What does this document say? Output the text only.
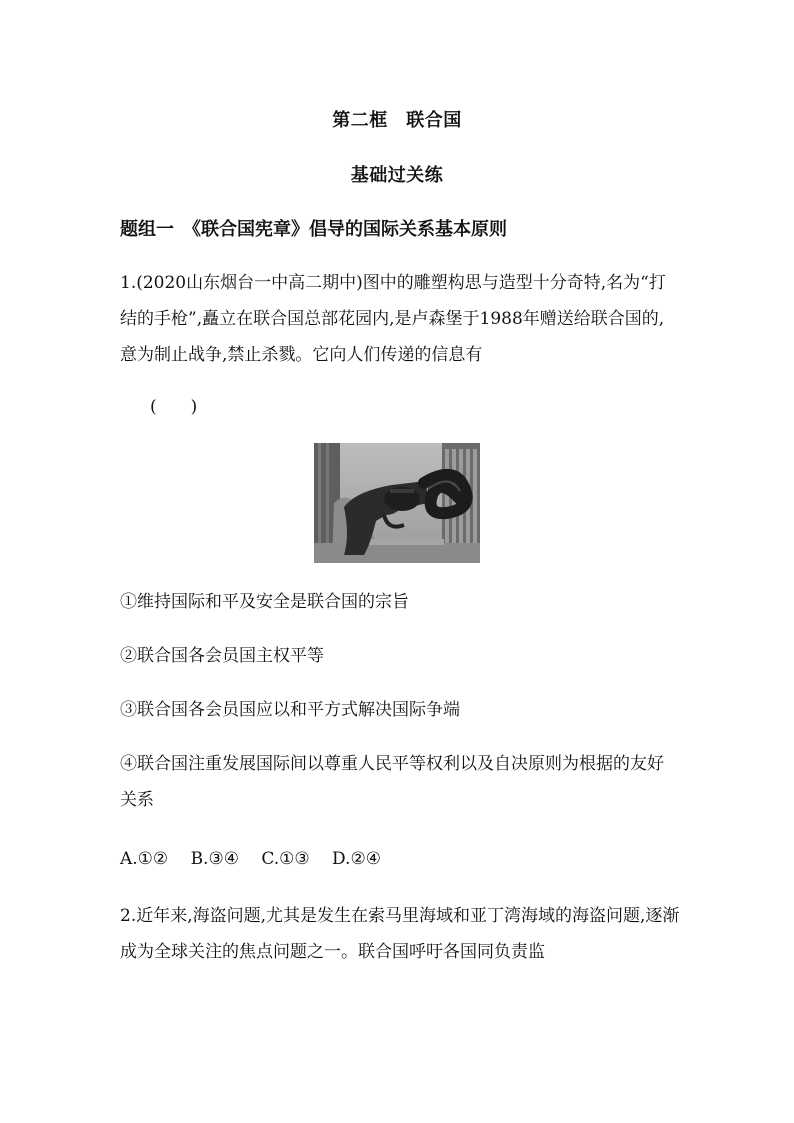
第二框　联合国
基础过关练
题组一　《联合国宪章》倡导的国际关系基本原则
1.(2020山东烟台一中高二期中)图中的雕塑构思与造型十分奇特,名为“打结的手枪”,矗立在联合国总部花园内,是卢森堡于1988年赠送给联合国的,意为制止战争,禁止杀戮。它向人们传递的信息有
(　　)
①维持国际和平及安全是联合国的宗旨
②联合国各会员国主权平等
③联合国各会员国应以和平方式解决国际争端
④联合国注重发展国际间以尊重人民平等权利以及自决原则为根据的友好关系
A.①②　 B.③④　 C.①③　 D.②④
2.近年来,海盗问题,尤其是发生在索马里海域和亚丁湾海域的海盗问题,逐渐成为全球关注的焦点问题之一。联合国呼吁各国同负责监
